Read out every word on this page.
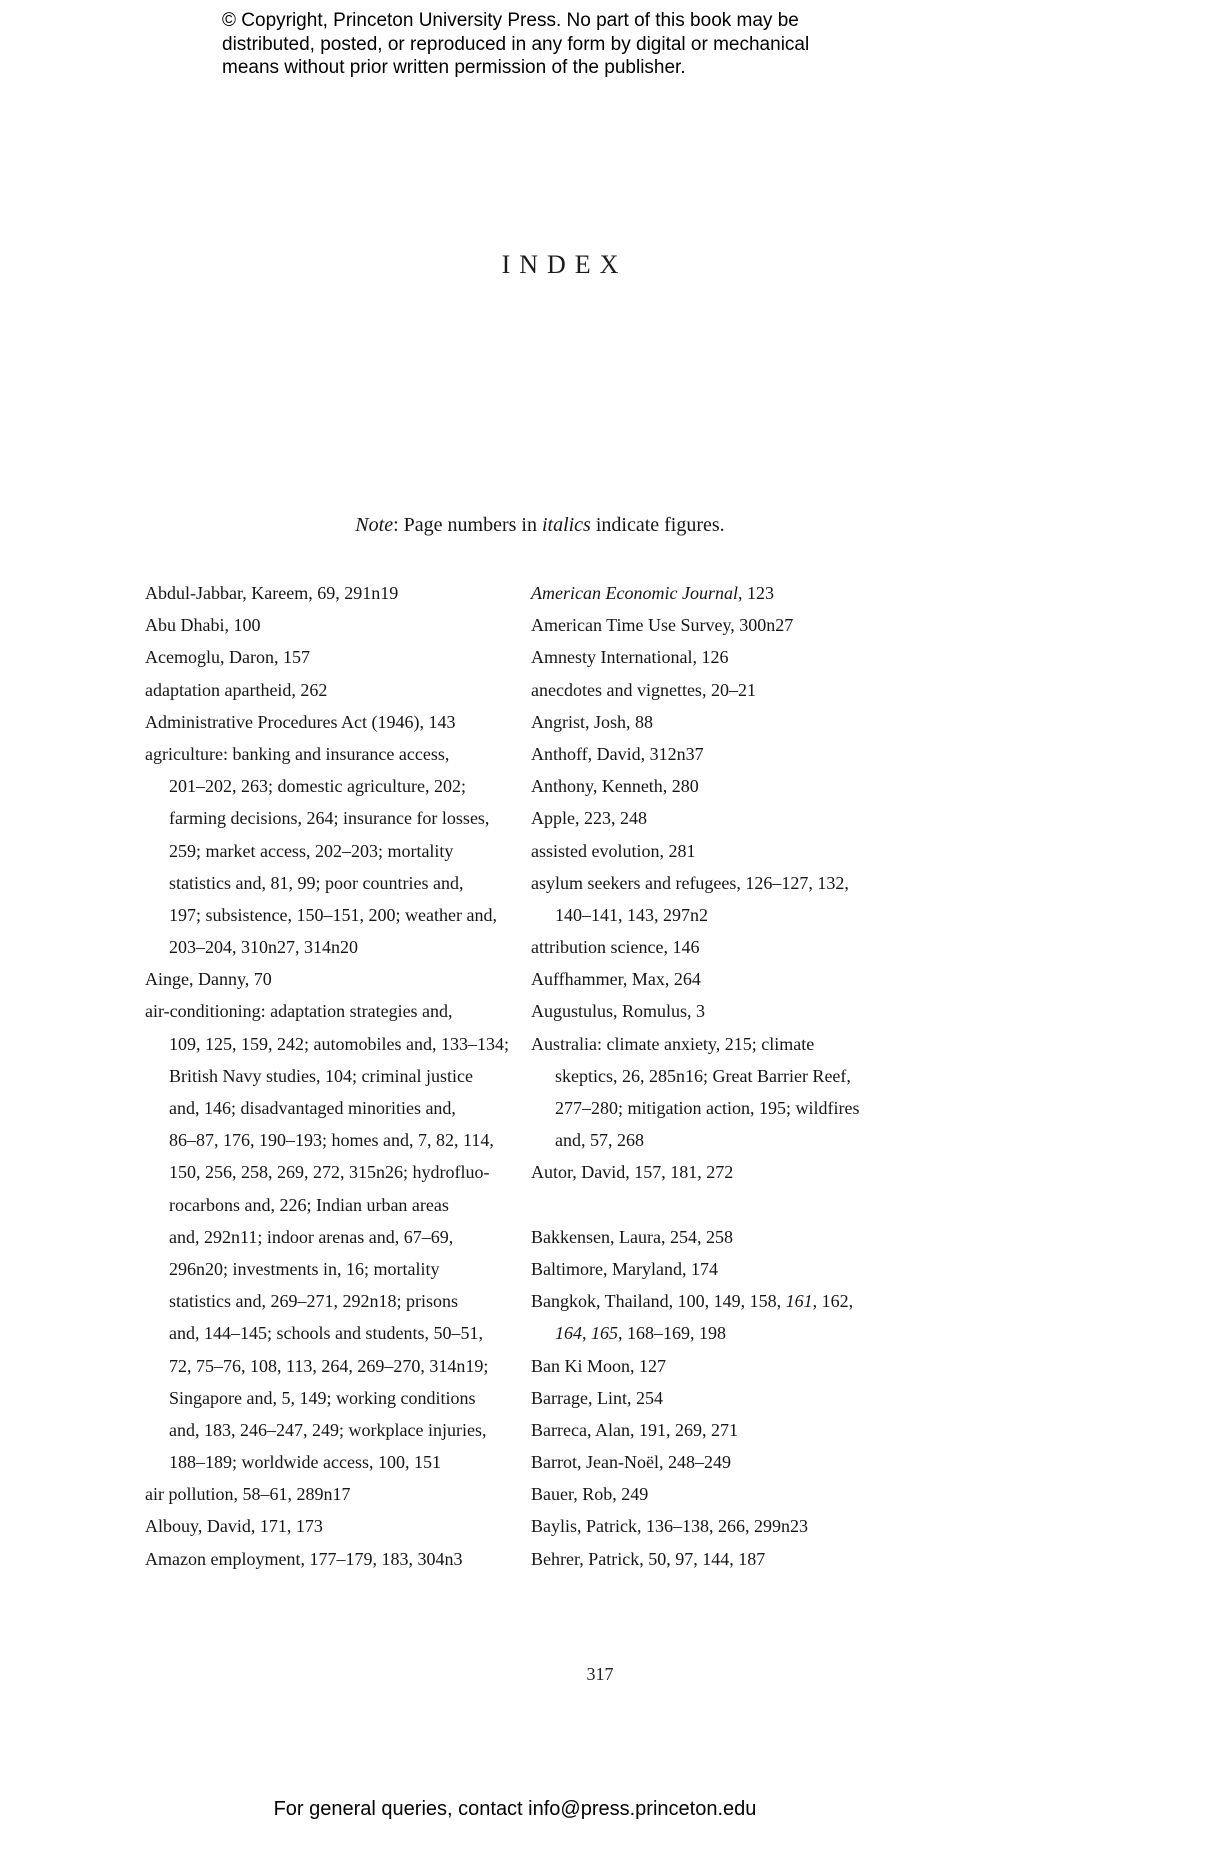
© Copyright, Princeton University Press. No part of this book may be
distributed, posted, or reproduced in any form by digital or mechanical
means without prior written permission of the publisher.
INDEX
Note: Page numbers in italics indicate figures.
Abdul-Jabbar, Kareem, 69, 291n19
Abu Dhabi, 100
Acemoglu, Daron, 157
adaptation apartheid, 262
Administrative Procedures Act (1946), 143
agriculture: banking and insurance access,
201–202, 263; domestic agriculture, 202;
farming decisions, 264; insurance for losses,
259; market access, 202–203; mortality
statistics and, 81, 99; poor countries and,
197; subsistence, 150–151, 200; weather and,
203–204, 310n27, 314n20
Ainge, Danny, 70
air-conditioning: adaptation strategies and,
109, 125, 159, 242; automobiles and, 133–134;
British Navy studies, 104; criminal justice
and, 146; disadvantaged minorities and,
86–87, 176, 190–193; homes and, 7, 82, 114,
150, 256, 258, 269, 272, 315n26; hydrofluo-
rocarbons and, 226; Indian urban areas
and, 292n11; indoor arenas and, 67–69,
296n20; investments in, 16; mortality
statistics and, 269–271, 292n18; prisons
and, 144–145; schools and students, 50–51,
72, 75–76, 108, 113, 264, 269–270, 314n19;
Singapore and, 5, 149; working conditions
and, 183, 246–247, 249; workplace injuries,
188–189; worldwide access, 100, 151
air pollution, 58–61, 289n17
Albouy, David, 171, 173
Amazon employment, 177–179, 183, 304n3
American Economic Journal, 123
American Time Use Survey, 300n27
Amnesty International, 126
anecdotes and vignettes, 20–21
Angrist, Josh, 88
Anthoff, David, 312n37
Anthony, Kenneth, 280
Apple, 223, 248
assisted evolution, 281
asylum seekers and refugees, 126–127, 132,
140–141, 143, 297n2
attribution science, 146
Auffhammer, Max, 264
Augustulus, Romulus, 3
Australia: climate anxiety, 215; climate
skeptics, 26, 285n16; Great Barrier Reef,
277–280; mitigation action, 195; wildfires
and, 57, 268
Autor, David, 157, 181, 272
Bakkensen, Laura, 254, 258
Baltimore, Maryland, 174
Bangkok, Thailand, 100, 149, 158, 161, 162,
164, 165, 168–169, 198
Ban Ki Moon, 127
Barrage, Lint, 254
Barreca, Alan, 191, 269, 271
Barrot, Jean-Noël, 248–249
Bauer, Rob, 249
Baylis, Patrick, 136–138, 266, 299n23
Behrer, Patrick, 50, 97, 144, 187
317
For general queries, contact info@press.princeton.edu
